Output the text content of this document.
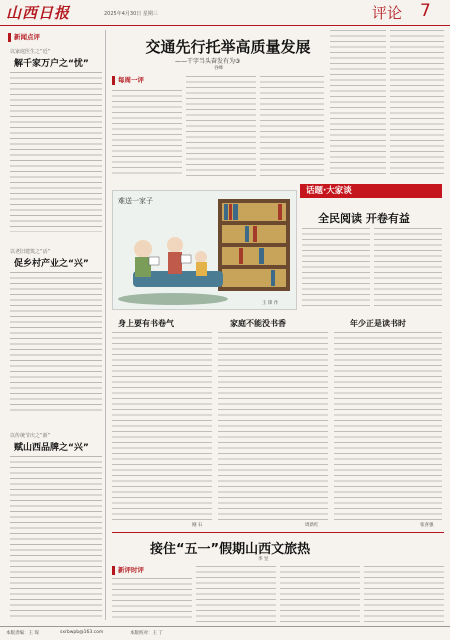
山西日报	2025年4月30日 星期三	评论 7
新闻点评
以家庭医生之“近”
解千家万户之“忧”
以老旧建筑之“活”
促乡村产业之“兴”
以传统节庆之“新”
赋山西品牌之“兴”
交通先行托举高质量发展
——干字当头奋发有为③
谷峰
每周一评
难送一家子
王 锋 作
话题·大家谈
全民阅读 开卷有益
身上要有书卷气
刚 石
家庭不能没书香
周新红
年少正是读书时
张喜强
接住“五一”假期山西文旅热
李 昱
新评时评
本版责编：王 琛	sxrbwpb@163.com	本版校对：王 丁
